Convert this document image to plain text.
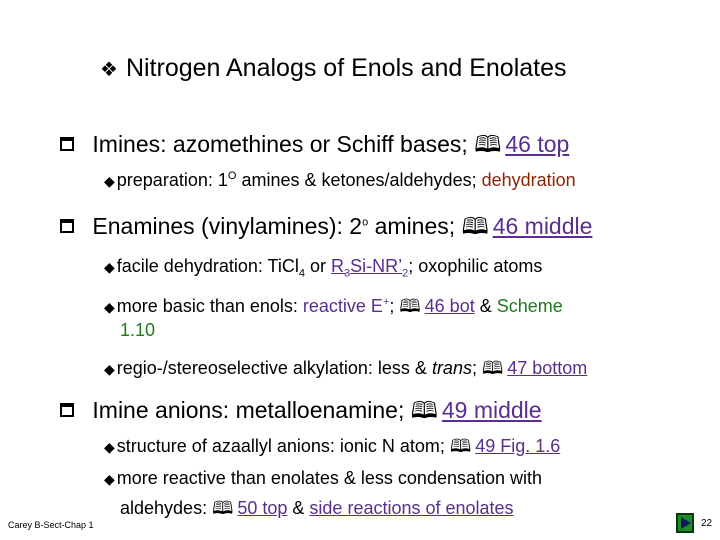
❖ Nitrogen Analogs of Enols and Enolates
Imines: azomethines or Schiff bases; 🕮 46 top
◆ preparation: $1^O$ amines & ketones/aldehydes; dehydration
Enamines (vinylamines): 2$^o$ amines; 🕮 46 middle
◆ facile dehydration: TiCl$_4$ or $R_3Si-NR’_2$; oxophilic atoms
◆ more basic than enols: reactive E+; 🕮 46 bot & Scheme
1.10
◆ regio-/stereoselective alkylation: less & trans; 🕮 47 bottom
Imine anions: metalloenamine; 🕮 49 middle
◆ structure of azaallyl anions: ionic N atom; 🕮 49 Fig. 1.6
◆ more reactive than enolates & less condensation with
aldehydes: 🕮 50 top & side reactions of enolates
Carey B-Sect-Chap 1	22
